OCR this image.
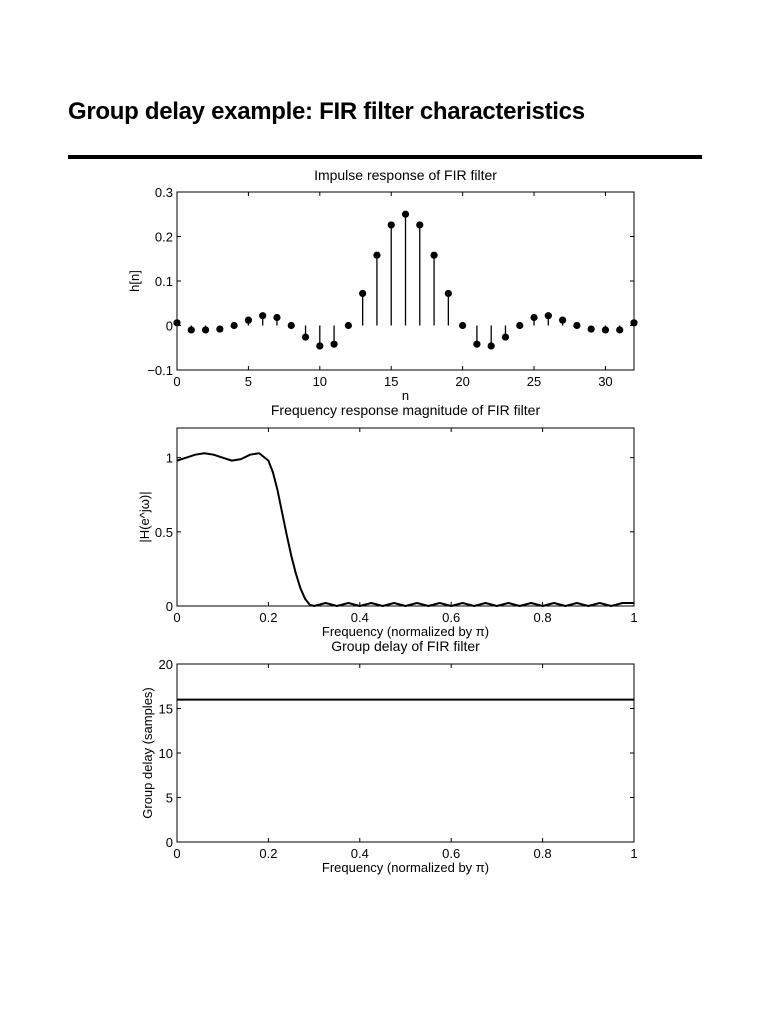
Group delay example: FIR filter characteristics
Impulse response of FIR filter
0	5	10	15	20	25	30
−0.1
0
0.1
0.2
0.3
n
h[n]
Frequency response magnitude of FIR filter
0	0.2	0.4	0.6	0.8	1
0
0.5
1
Frequency (normalized by π)
|H(e^jω)|
Group delay of FIR filter
0	0.2	0.4	0.6	0.8	1
0
5
10
15
20
Frequency (normalized by π)
Group delay (samples)
